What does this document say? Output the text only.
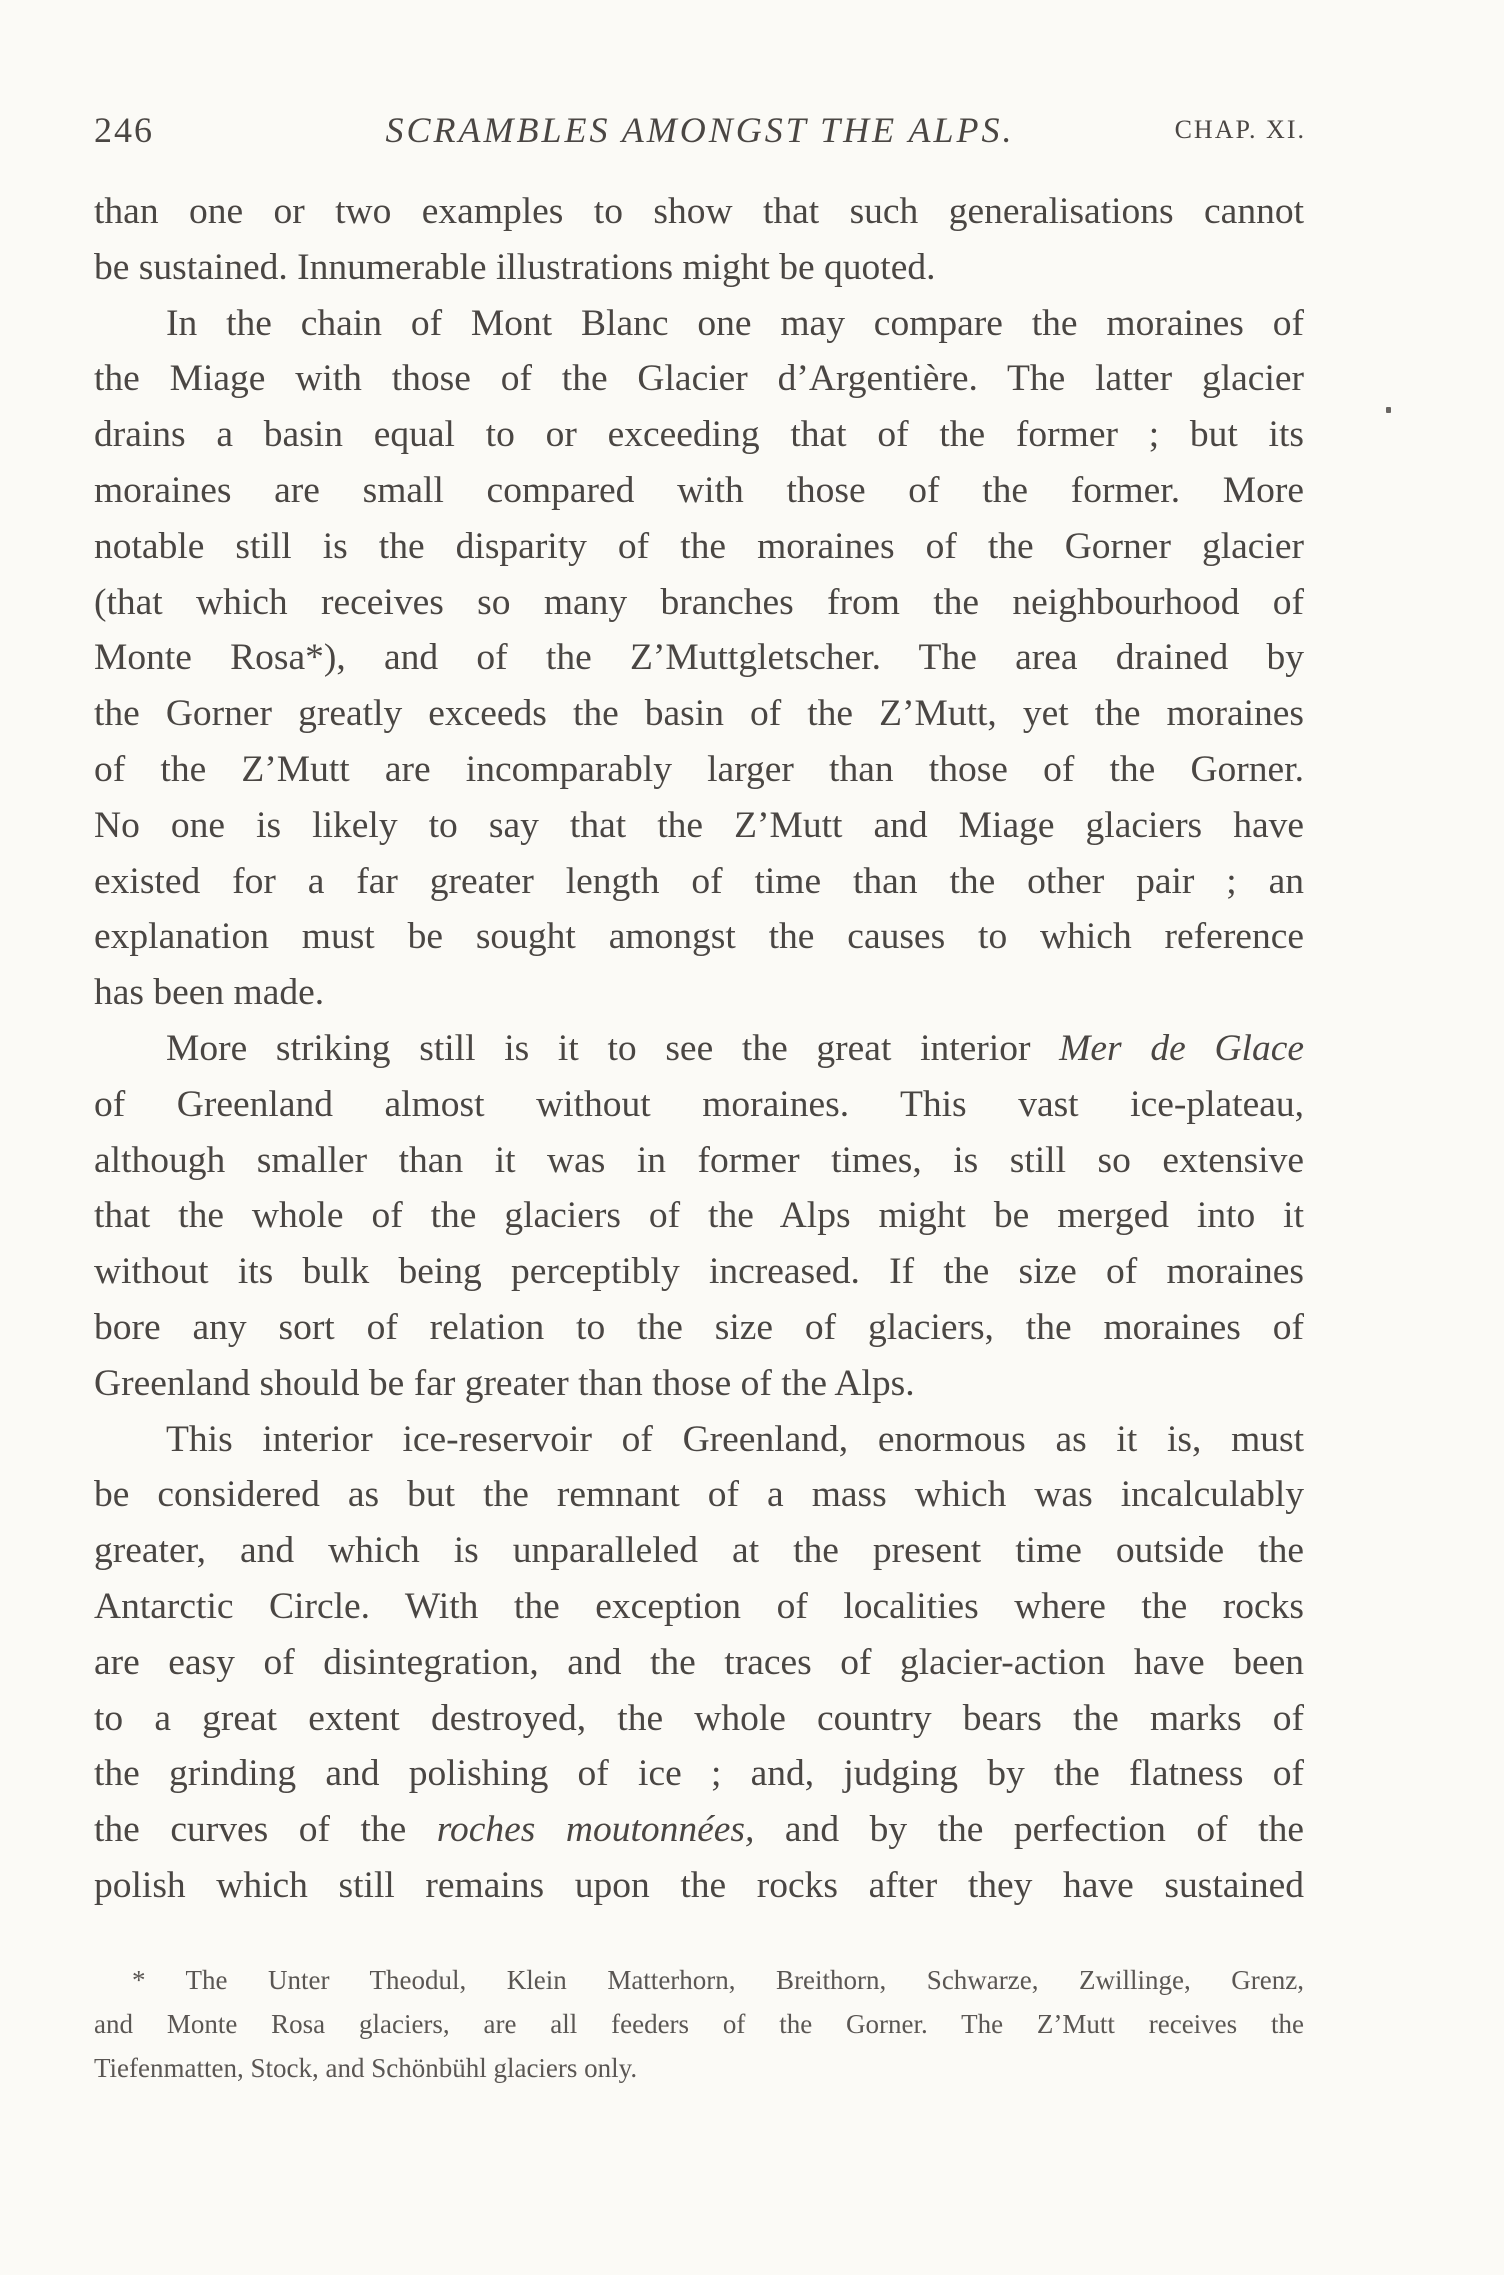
246	SCRAMBLES AMONGST THE ALPS.	CHAP. XI.
than one or two examples to show that such generalisations cannot
be sustained. Innumerable illustrations might be quoted.
In the chain of Mont Blanc one may compare the moraines of
the Miage with those of the Glacier d’Argentière. The latter glacier
drains a basin equal to or exceeding that of the former ; but its
moraines are small compared with those of the former. More
notable still is the disparity of the moraines of the Gorner glacier
(that which receives so many branches from the neighbourhood of
Monte Rosa*), and of the Z’Muttgletscher. The area drained by
the Gorner greatly exceeds the basin of the Z’Mutt, yet the moraines
of the Z’Mutt are incomparably larger than those of the Gorner.
No one is likely to say that the Z’Mutt and Miage glaciers have
existed for a far greater length of time than the other pair ; an
explanation must be sought amongst the causes to which reference
has been made.
More striking still is it to see the great interior Mer de Glace
of Greenland almost without moraines. This vast ice-plateau,
although smaller than it was in former times, is still so extensive
that the whole of the glaciers of the Alps might be merged into it
without its bulk being perceptibly increased. If the size of moraines
bore any sort of relation to the size of glaciers, the moraines of
Greenland should be far greater than those of the Alps.
This interior ice-reservoir of Greenland, enormous as it is, must
be considered as but the remnant of a mass which was incalculably
greater, and which is unparalleled at the present time outside the
Antarctic Circle. With the exception of localities where the rocks
are easy of disintegration, and the traces of glacier-action have been
to a great extent destroyed, the whole country bears the marks of
the grinding and polishing of ice ; and, judging by the flatness of
the curves of the roches moutonnées, and by the perfection of the
polish which still remains upon the rocks after they have sustained
* The Unter Theodul, Klein Matterhorn, Breithorn, Schwarze, Zwillinge, Grenz,
and Monte Rosa glaciers, are all feeders of the Gorner. The Z’Mutt receives the
Tiefenmatten, Stock, and Schönbühl glaciers only.
